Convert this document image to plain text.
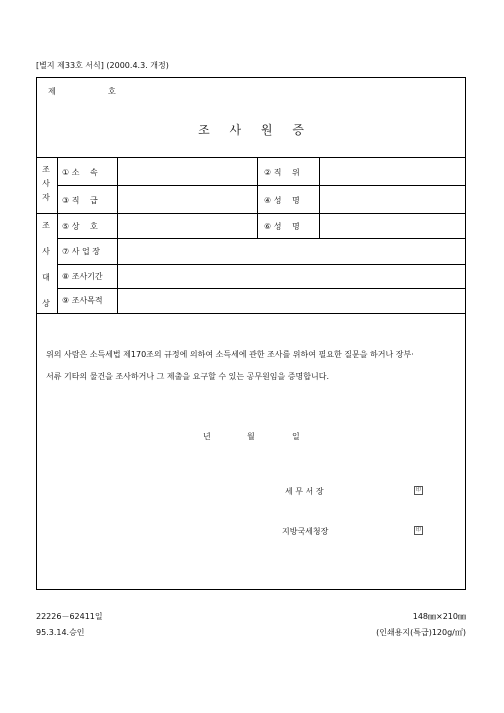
[별지 제33호 서식] (2000.4.3. 개정)
제	호
조 사 원 증
조
사
자
조
사
대
상
① 소　 속	② 직　 위
③ 직　 급	④ 성　 명
⑤ 상　 호	⑥ 성　 명
⑦ 사 업 장
⑧ 조사기간
⑨ 조사목적
위의 사람은 소득세법 제170조의 규정에 의하여 소득세에 관한 조사를 위하여 필요한 질문을 하거나 장부·
서류 기타의 물건을 조사하거나 그 제출을 요구할 수 있는 공무원임을 증명합니다.
년	월	일
세 무 서 장	印
지방국세청장	印
22226－62411일
95.3.14.승인
148㎜×210㎜
(인쇄용지(특급)120g/㎡)
